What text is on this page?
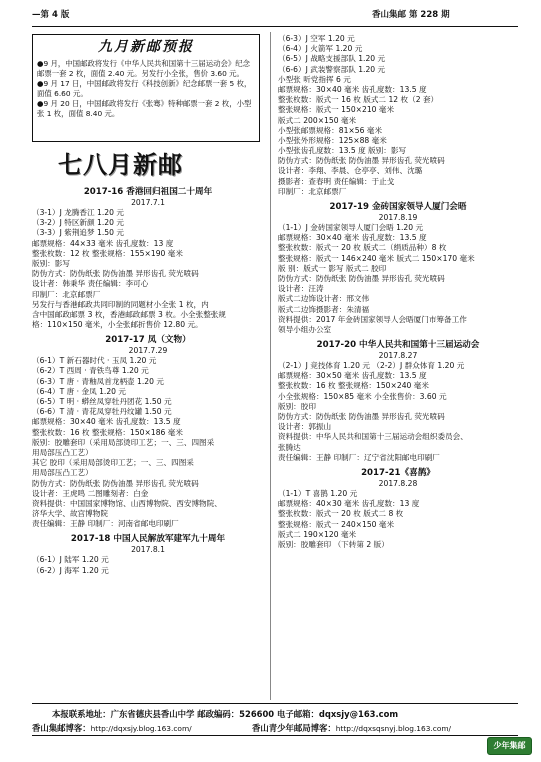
—第 4 版	香山集邮 第 228 期
九月新邮预报
●9 月，中国邮政将发行《中华人民共和国第十三届运动会》纪念邮票一套 2 枚，面值 2.40 元。另发行小全张，售价 3.60 元。
●9 月 17 日，中国邮政将发行《科技创新》纪念邮票一套 5 枚，面值 6.60 元。
●9 月 20 日，中国邮政将发行《张骞》特种邮票一套 2 枚，小型张 1 枚，面值 8.40 元。
七八月新邮
2017-16 香港回归祖国二十周年
2017.7.1
（3-1）J 龙腾香江 1.20 元
（3-2）J 特区新颜 1.20 元
（3-3）J 紫荆追梦 1.50 元
邮票规格：44×33 毫米 齿孔度数：13 度
整张枚数：12 枚 整张规格：155×190 毫米
版别：影写
防伪方式：防伪纸张 防伪油墨 异形齿孔 荧光喷码
设计者：韩秉华 责任编辑：李可心
印制厂：北京邮票厂
另发行与香港邮政共同印制的同题材小全张 1 枚，内
含中国邮政邮票 3 枚，香港邮政邮票 3 枚。小全张整张规
格：110×150 毫米，小全张邮折售价 12.80 元。
2017-17 凤（文物）
2017.7.29
（6-1）T 新石器时代 · 玉凤 1.20 元
（6-2）T 西周 · 青铁鸟尊 1.20 元
（6-3）T 唐 · 青釉凤首龙柄壶 1.20 元
（6-4）T 唐 · 金凤 1.20 元
（6-5）T 明 · 蟒丝凤穿牡丹团花 1.50 元
（6-6）T 清 · 青花凤穿牡丹纹罐 1.50 元
邮票规格：30×40 毫米 齿孔度数：13.5 度
整张枚数：16 枚 整张规格：150×186 毫米
版别：胶雕套印（采用局部烫印工艺；一、三、四图采
用局部压凸工艺）
其它 胶印（采用局部烫印工艺；一、三、四图采
用局部压凸工艺）
防伪方式：防伪纸张 防伪油墨 异形齿孔 荧光喷码
设计者：王虎鸣 二图雕刻者：白金
资料提供：中国国家博物馆、山西博物院、西安博物院、
济华大学、故宫博物院
责任编辑：王静 印制厂：河南省邮电印刷厂
2017-18 中国人民解放军建军九十周年
2017.8.1
（6-1）J 陆军 1.20 元
（6-2）J 海军 1.20 元
（6-3）J 空军 1.20 元
（6-4）J 火箭军 1.20 元
（6-5）J 战略支援部队 1.20 元
（6-6）J 武装警察部队 1.20 元
小型张 听党指挥 6 元
邮票规格：30×40 毫米 齿孔度数：13.5 度
整张枚数：版式一 16 枚 版式二 12 枚（2 套）
整张规格：版式一 150×210 毫米
版式二 200×150 毫米
小型张邮票规格：81×56 毫米
小型张外形规格：125×88 毫米
小型张齿孔度数：13.5 度 版别：影写
防伪方式：防伪纸张 防伪油墨 异形齿孔 荧光喷码
设计者：李翔、李晨、仓亭亭、刘伟、沈璐
摄影者：查春明 责任编辑：于止戈
印制厂：北京邮票厂
2017-19 金砖国家领导人厦门会晤
2017.8.19
（1-1）J 金砖国家领导人厦门会晤 1.20 元
邮票规格：30×40 毫米 齿孔度数：13.5 度
整张枚数：版式一 20 枚 版式二（绢质品种）8 枚
整张规格：版式一 146×240 毫米 版式二 150×170 毫米
版 别：版式一 影写 版式二 胶印
防伪方式：防伪纸张 防伪油墨 异形齿孔 荧光喷码
设计者：汪涛
版式二边饰设计者：邢文伟
版式二边饰摄影者：朱清福
资料提供：2017 年金砖国家领导人会晤厦门市筹备工作
领导小组办公室
2017-20 中华人民共和国第十三届运动会
2017.8.27
（2-1）J 竞技体育 1.20 元 （2-2）J 群众体育 1.20 元
邮票规格：30×50 毫米 齿孔度数：13.5 度
整张枚数：16 枚 整张规格：150×240 毫米
小全张规格：150×85 毫米 小全张售价：3.60 元
版别：胶印
防伪方式：防伪纸张 防伪油墨 异形齿孔 荧光喷码
设计者：郭振山
资料提供：中华人民共和国第十三届运动会组织委员会、
张腾达
责任编辑：王静 印制厂：辽宁省沈阳邮电印刷厂
2017-21《喜鹊》
2017.8.28
（1-1）T 喜鹊 1.20 元
邮票规格：40×30 毫米 齿孔度数：13 度
整张枚数：版式一 20 枚 版式二 8 枚
整张规格：版式一 240×150 毫米
版式二 190×120 毫米
版别：胶雕套印 （下转第 2 版）
本报联系地址：广东省德庆县香山中学 邮政编码：526600 电子邮箱：dqxsjy@163.com
香山集邮博客：http://dqxsjy.blog.163.com/	香山青少年邮局博客：http://dqxsqsnyj.blog.163.com/
少年集邮
